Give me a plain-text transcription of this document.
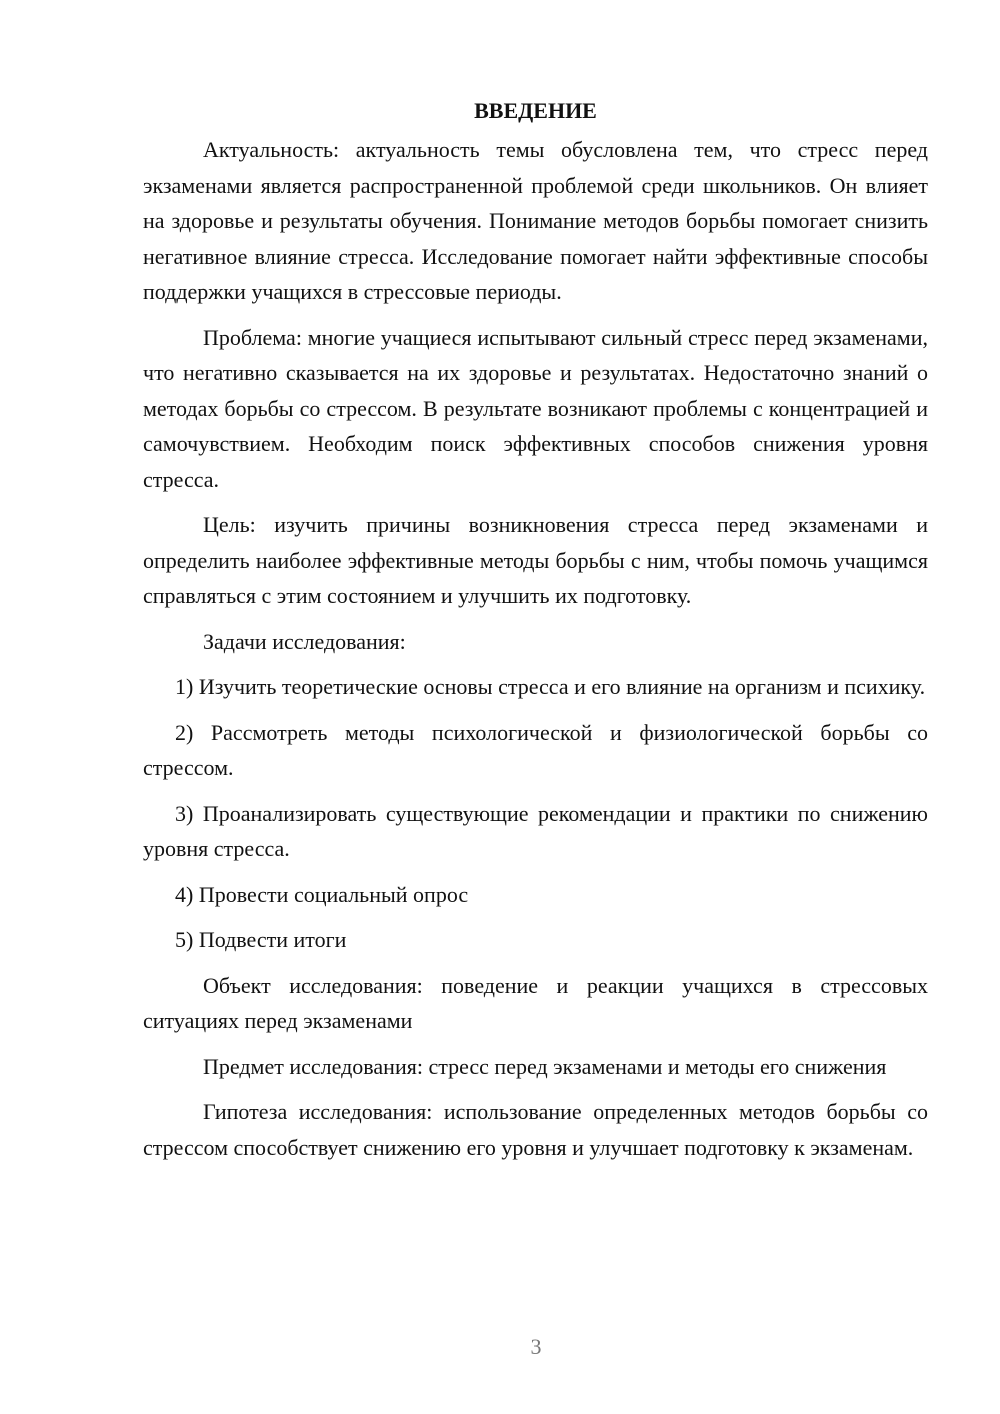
ВВЕДЕНИЕ

Актуальность: актуальность темы обусловлена тем, что стресс перед экзаменами является распространенной проблемой среди школьников. Он влияет на здоровье и результаты обучения. Понимание методов борьбы помогает снизить негативное влияние стресса. Исследование помогает найти эффективные способы поддержки учащихся в стрессовые периоды.

Проблема: многие учащиеся испытывают сильный стресс перед экзаменами, что негативно сказывается на их здоровье и результатах. Недостаточно знаний о методах борьбы со стрессом. В результате возникают проблемы с концентрацией и самочувствием. Необходим поиск эффективных способов снижения уровня стресса.

Цель: изучить причины возникновения стресса перед экзаменами и определить наиболее эффективные методы борьбы с ним, чтобы помочь учащимся справляться с этим состоянием и улучшить их подготовку.

Задачи исследования:

1) Изучить теоретические основы стресса и его влияние на организм и психику.

2) Рассмотреть методы психологической и физиологической борьбы со стрессом.

3) Проанализировать существующие рекомендации и практики по снижению уровня стресса.

4) Провести социальный опрос

5) Подвести итоги

Объект исследования: поведение и реакции учащихся в стрессовых ситуациях перед экзаменами

Предмет исследования: стресс перед экзаменами и методы его снижения

Гипотеза исследования: использование определенных методов борьбы со стрессом способствует снижению его уровня и улучшает подготовку к экзаменам.

3
